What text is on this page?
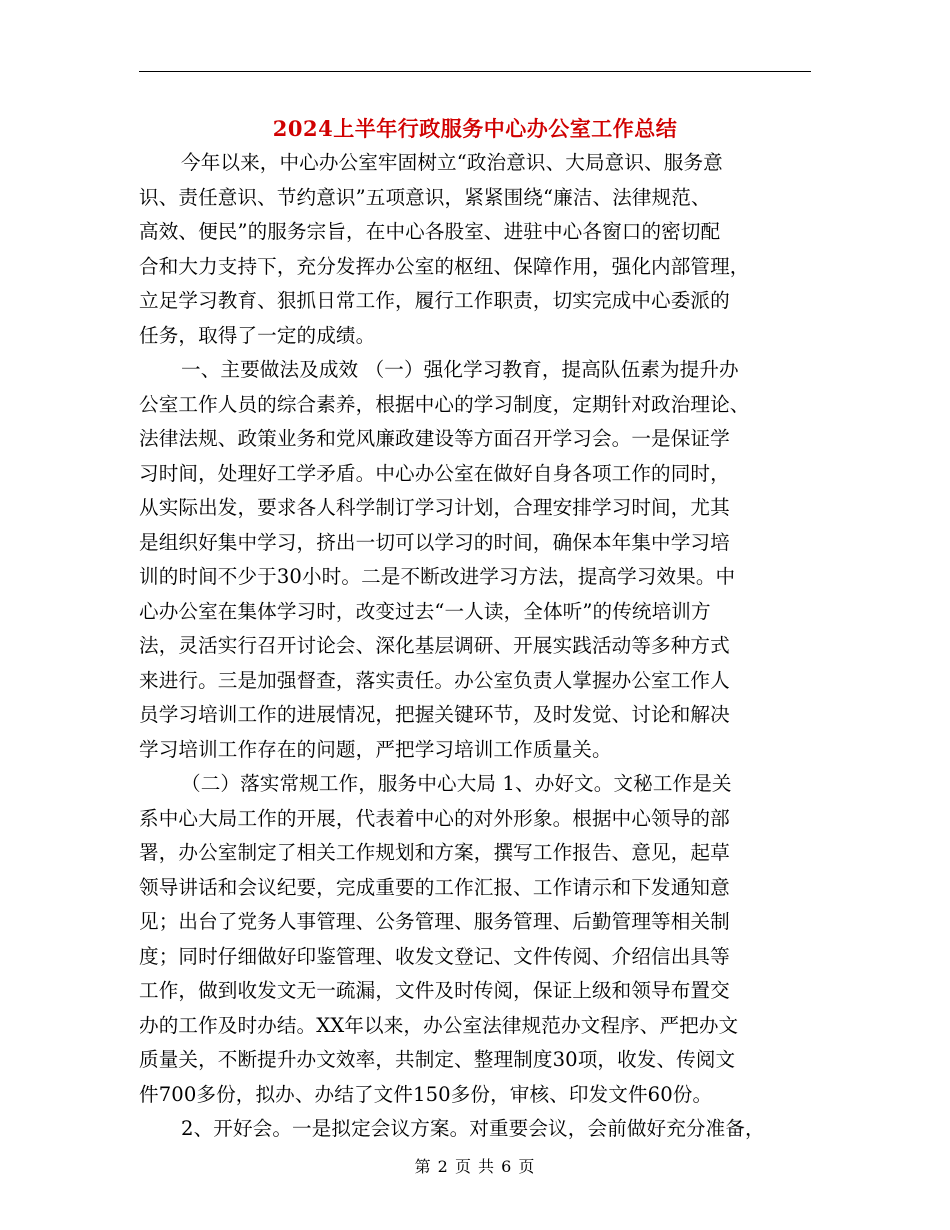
2024上半年行政服务中心办公室工作总结
今年以来，中心办公室牢固树立“政治意识、大局意识、服务意
识、责任意识、节约意识”五项意识，紧紧围绕“廉洁、法律规范、
高效、便民”的服务宗旨，在中心各股室、进驻中心各窗口的密切配
合和大力支持下，充分发挥办公室的枢纽、保障作用，强化内部管理，
立足学习教育、狠抓日常工作，履行工作职责，切实完成中心委派的
任务，取得了一定的成绩。
一、主要做法及成效 （一）强化学习教育，提高队伍素为提升办
公室工作人员的综合素养，根据中心的学习制度，定期针对政治理论、
法律法规、政策业务和党风廉政建设等方面召开学习会。一是保证学
习时间，处理好工学矛盾。中心办公室在做好自身各项工作的同时，
从实际出发，要求各人科学制订学习计划，合理安排学习时间，尤其
是组织好集中学习，挤出一切可以学习的时间，确保本年集中学习培
训的时间不少于30小时。二是不断改进学习方法，提高学习效果。中
心办公室在集体学习时，改变过去“一人读，全体听”的传统培训方
法，灵活实行召开讨论会、深化基层调研、开展实践活动等多种方式
来进行。三是加强督查，落实责任。办公室负责人掌握办公室工作人
员学习培训工作的进展情况，把握关键环节，及时发觉、讨论和解决
学习培训工作存在的问题，严把学习培训工作质量关。
（二）落实常规工作，服务中心大局 1、办好文。文秘工作是关
系中心大局工作的开展，代表着中心的对外形象。根据中心领导的部
署，办公室制定了相关工作规划和方案，撰写工作报告、意见，起草
领导讲话和会议纪要，完成重要的工作汇报、工作请示和下发通知意
见；出台了党务人事管理、公务管理、服务管理、后勤管理等相关制
度；同时仔细做好印鉴管理、收发文登记、文件传阅、介绍信出具等
工作，做到收发文无一疏漏，文件及时传阅，保证上级和领导布置交
办的工作及时办结。XX年以来，办公室法律规范办文程序、严把办文
质量关，不断提升办文效率，共制定、整理制度30项，收发、传阅文
件700多份，拟办、办结了文件150多份，审核、印发文件60份。
2、开好会。一是拟定会议方案。对重要会议，会前做好充分准备，
第 2 页 共 6 页
